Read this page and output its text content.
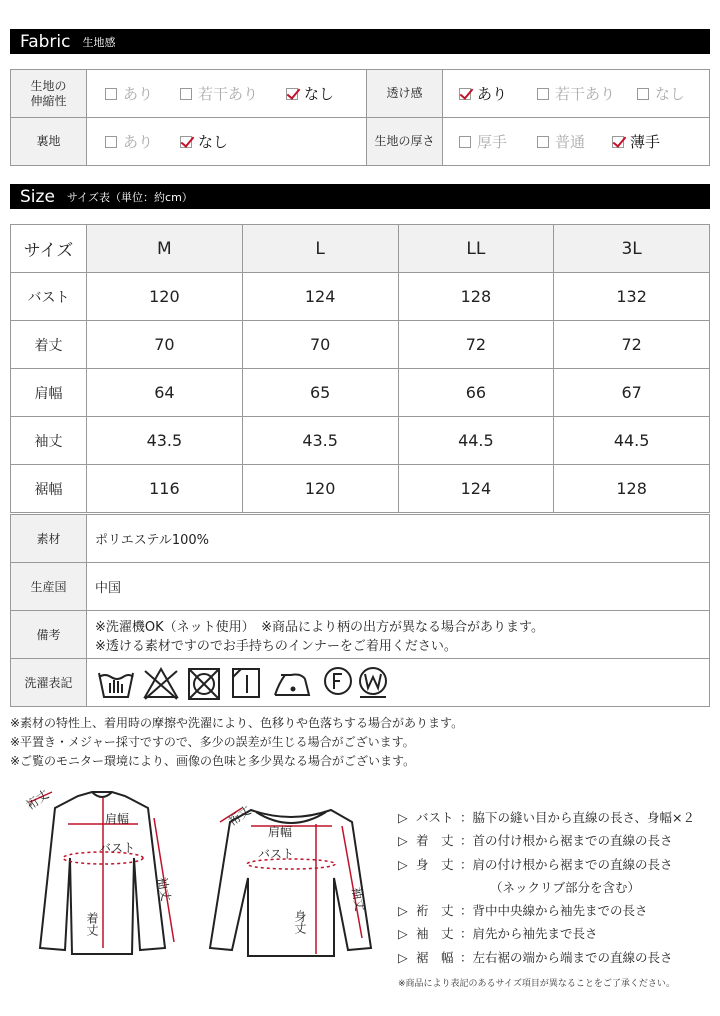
Fabric 生地感
生地の
伸縮性	あり 若干あり なし	透け感	あり 若干あり なし

裏地	あり なし	生地の厚さ	厚手 普通 薄手
Size サイズ表（単位：約cm）
サイズ	M	L	LL	3L
バスト	120	124	128	132
着丈	70	70	72	72
肩幅	64	65	66	67
袖丈	43.5	43.5	44.5	44.5
裾幅	116	120	124	128
素材	ポリエステル100%
生産国	中国
備考	※洗濯機OK（ネット使用）　※商品により柄の出方が異なる場合があります。
※透ける素材ですのでお手持ちのインナーをご着用ください。

洗濯表記	
※素材の特性上、着用時の摩擦や洗濯により、色移りや色落ちする場合があります。
※平置き・メジャー採寸ですので、多少の誤差が生じる場合がございます。
※ご覧のモニター環境により、画像の色味と多少異なる場合がございます。
裄丈
肩幅
バスト
袖丈
着丈
裄丈
肩幅
バスト
袖丈
身丈
▷ バスト ： 脇下の縫い目から直線の長さ、身幅×２
▷ 着　丈 ： 首の付け根から裾までの直線の長さ
▷ 身　丈 ： 肩の付け根から裾までの直線の長さ
（ネックリブ部分を含む）
▷ 裄　丈 ： 背中中央線から袖先までの長さ
▷ 袖　丈 ： 肩先から袖先まで長さ
▷ 裾　幅 ： 左右裾の端から端までの直線の長さ
※商品により表記のあるサイズ項目が異なることをご了承ください。
